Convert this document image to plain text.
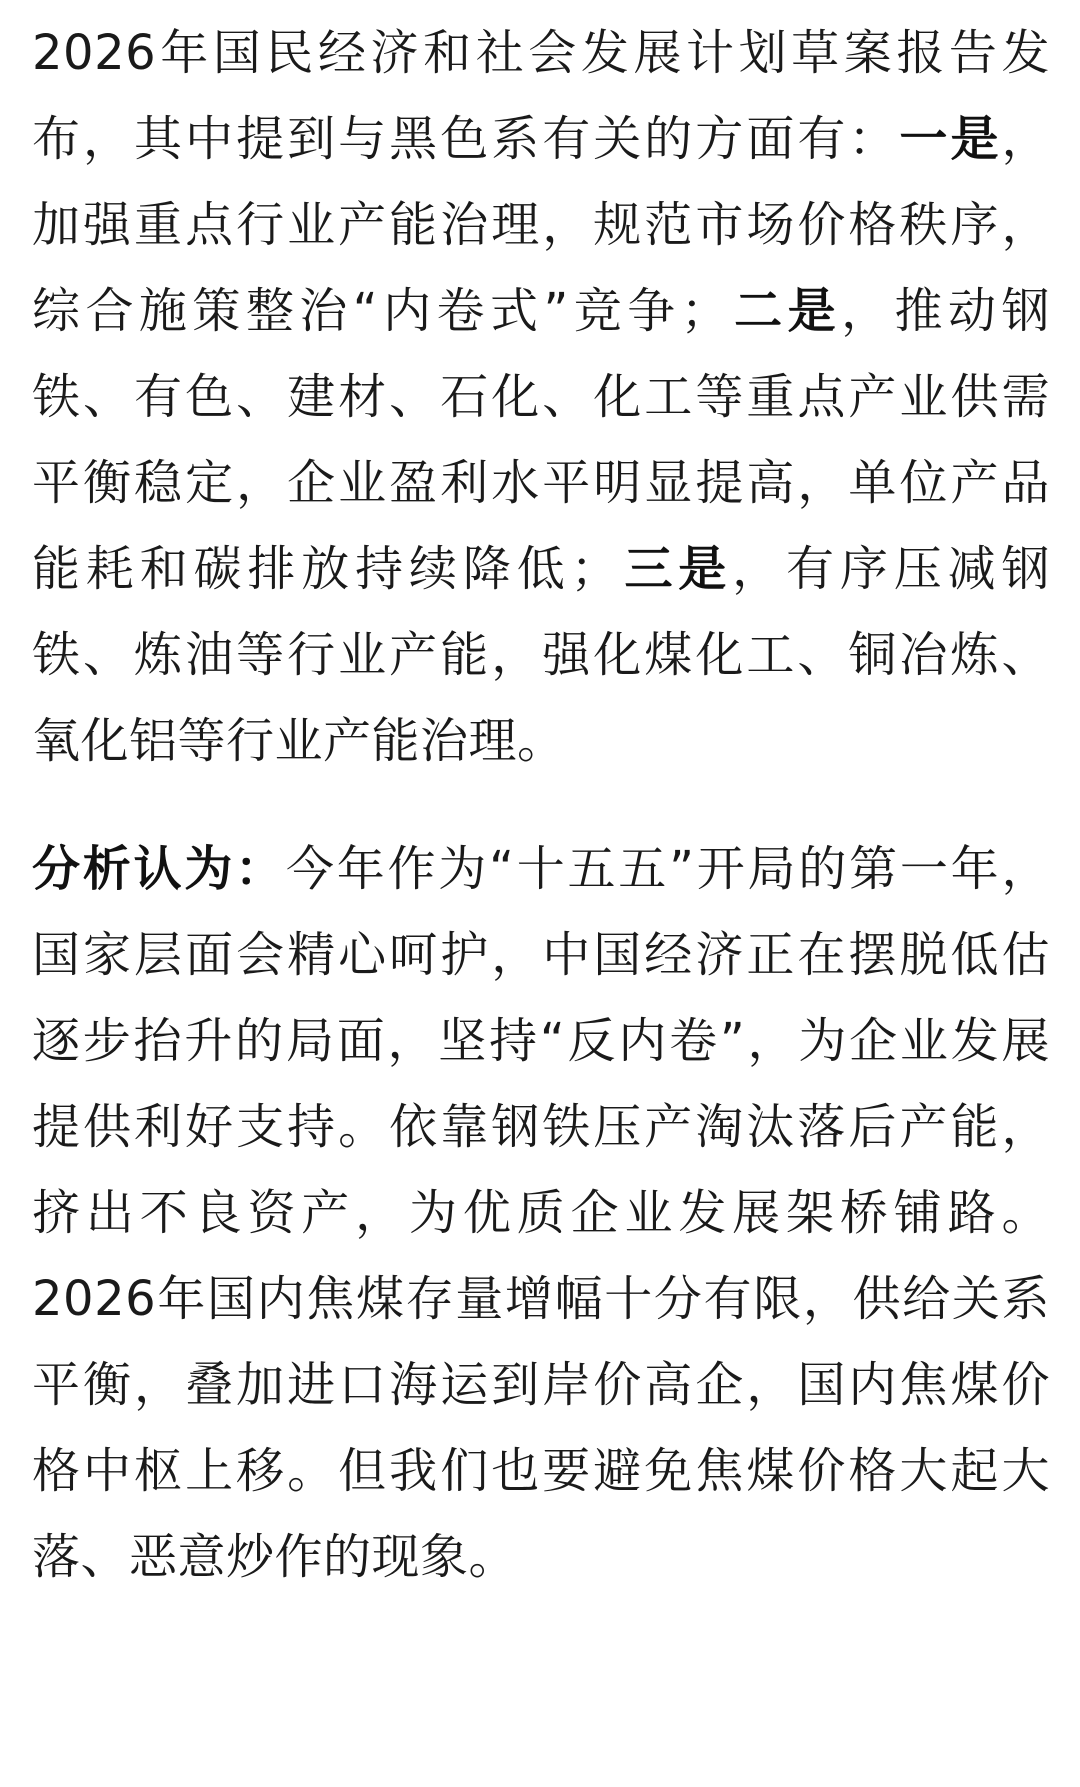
2026年国民经济和社会发展计划草案报告发布，其中提到与黑色系有关的方面有：一是，加强重点行业产能治理，规范市场价格秩序，综合施策整治“内卷式”竞争；二是，推动钢铁、有色、建材、石化、化工等重点产业供需平衡稳定，企业盈利水平明显提高，单位产品能耗和碳排放持续降低；三是，有序压减钢铁、炼油等行业产能，强化煤化工、铜冶炼、氧化铝等行业产能治理。

分析认为：今年作为“十五五”开局的第一年，国家层面会精心呵护，中国经济正在摆脱低估逐步抬升的局面，坚持“反内卷”，为企业发展提供利好支持。依靠钢铁压产淘汰落后产能，挤出不良资产，为优质企业发展架桥铺路。2026年国内焦煤存量增幅十分有限，供给关系平衡，叠加进口海运到岸价高企，国内焦煤价格中枢上移。但我们也要避免焦煤价格大起大落、恶意炒作的现象。
